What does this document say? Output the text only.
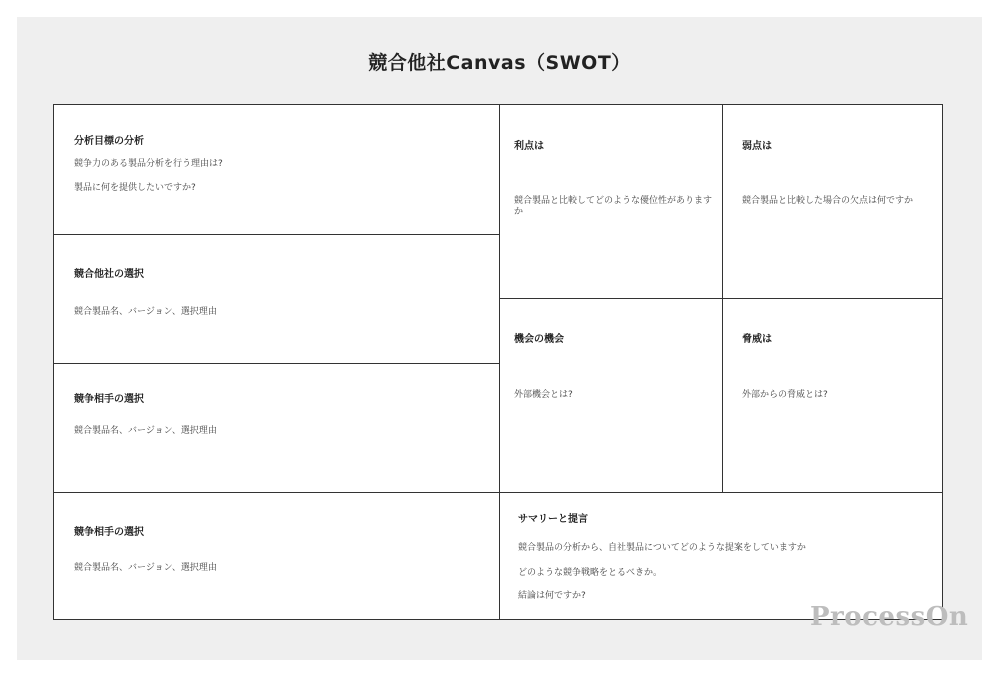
競合他社Canvas（SWOT）
分析目標の分析
競争力のある製品分析を行う理由は?
製品に何を提供したいですか?
競合他社の選択
競合製品名、バージョン、選択理由
競争相手の選択
競合製品名、バージョン、選択理由
競争相手の選択
競合製品名、バージョン、選択理由
利点は
競合製品と比較してどのような優位性がありますか
弱点は
競合製品と比較した場合の欠点は何ですか
機会の機会
外部機会とは?
脅威は
外部からの脅威とは?
サマリーと提言
競合製品の分析から、自社製品についてどのような提案をしていますか
どのような競争戦略をとるべきか。
結論は何ですか?
ProcessOn
